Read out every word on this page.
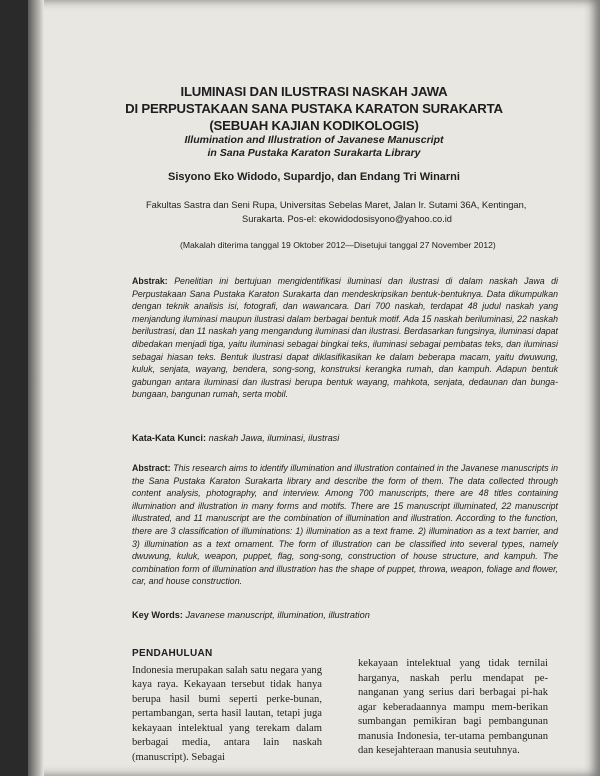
ILUMINASI DAN ILUSTRASI NASKAH JAWA
DI PERPUSTAKAAN SANA PUSTAKA KARATON SURAKARTA
(SEBUAH KAJIAN KODIKOLOGIS)
Illumination and Illustration of Javanese Manuscript
in Sana Pustaka Karaton Surakarta Library
Sisyono Eko Widodo, Supardjo, dan Endang Tri Winarni
Fakultas Sastra dan Seni Rupa, Universitas Sebelas Maret, Jalan Ir. Sutami 36A, Kentingan,
Surakarta. Pos-el: ekowidodosisyono@yahoo.co.id
(Makalah diterima tanggal 19 Oktober 2012—Disetujui tanggal 27 November 2012)
Abstrak: Penelitian ini bertujuan mengidentifikasi iluminasi dan ilustrasi di dalam naskah Jawa di Perpustakaan Sana Pustaka Karaton Surakarta dan mendeskripsikan bentuk-bentuknya. Data dikumpulkan dengan teknik analisis isi, fotografi, dan wawancara. Dari 700 naskah, terdapat 48 judul naskah yang menjandung iluminasi maupun ilustrasi dalam berbagai bentuk motif. Ada 15 naskah beriluminasi, 22 naskah berilustrasi, dan 11 naskah yang mengandung iluminasi dan ilustrasi. Berdasarkan fungsinya, iluminasi dapat dibedakan menjadi tiga, yaitu iluminasi sebagai bingkai teks, iluminasi sebagai pembatas teks, dan iluminasi sebagai hiasan teks. Bentuk ilustrasi dapat diklasifikasikan ke dalam beberapa macam, yaitu dwuwung, kuluk, senjata, wayang, bendera, song-song, konstruksi kerangka rumah, dan kampuh. Adapun bentuk gabungan antara iluminasi dan ilustrasi berupa bentuk wayang, mahkota, senjata, dedaunan dan bunga-bungaan, bangunan rumah, serta mobil.
Kata-Kata Kunci: naskah Jawa, iluminasi, ilustrasi
Abstract: This research aims to identify illumination and illustration contained in the Javanese manuscripts in the Sana Pustaka Karaton Surakarta library and describe the form of them. The data collected through content analysis, photography, and interview. Among 700 manuscripts, there are 48 titles containing illumination and illustration in many forms and motifs. There are 15 manuscript illuminated, 22 manuscript illustrated, and 11 manuscript are the combination of illumination and illustration. According to the function, there are 3 classification of illuminations: 1) illumination as a text frame. 2) illumination as a text barrier, and 3) illumination as a text ornament. The form of illustration can be classified into several types, namely dwuwung, kuluk, weapon, puppet, flag, song-song, construction of house structure, and kampuh. The combination form of illumination and illustration has the shape of puppet, throwa, weapon, foliage and flower, car, and house construction.
Key Words: Javanese manuscript, illumination, illustration
PENDAHULUAN
Indonesia merupakan salah satu negara yang kaya raya. Kekayaan tersebut tidak hanya berupa hasil bumi seperti perke-bunan, pertambangan, serta hasil lautan, tetapi juga kekayaan intelektual yang terekam dalam berbagai media, antara lain naskah (manuscript). Sebagai
kekayaan intelektual yang tidak ternilai harganya, naskah perlu mendapat pe-nanganan yang serius dari berbagai pi-hak agar keberadaannya mampu mem-berikan sumbangan pemikiran bagi pembangunan manusia Indonesia, ter-utama pembangunan dan kesejahteraan manusia seutuhnya.
